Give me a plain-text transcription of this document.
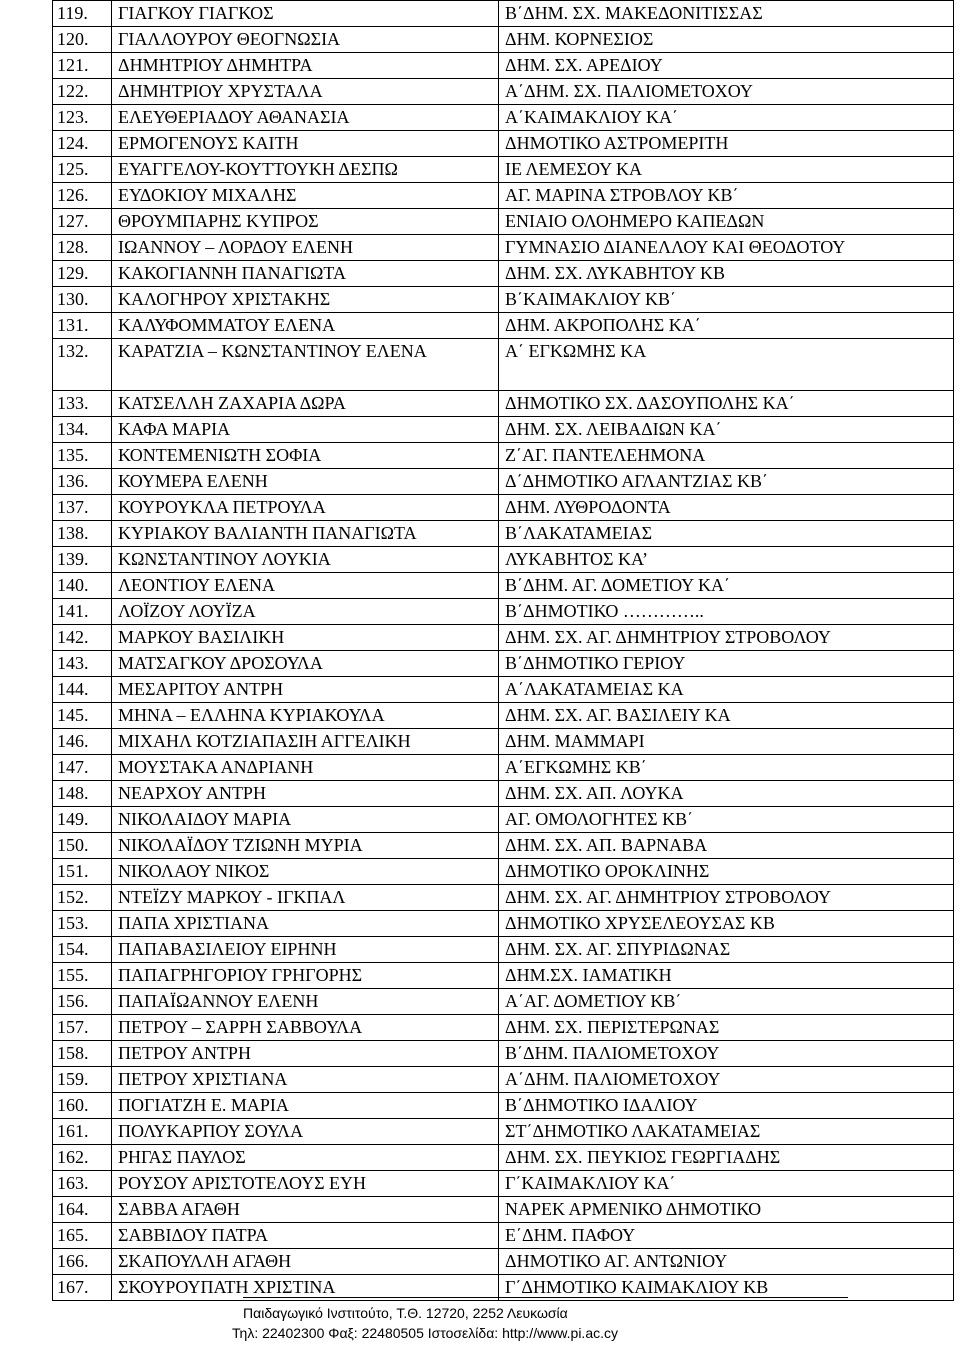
119.	ΓΙΑΓΚΟΥ ΓΙΑΓΚΟΣ	Β΄ΔΗΜ. ΣΧ. ΜΑΚΕΔΟΝΙΤΙΣΣΑΣ
120.	ΓΙΑΛΛΟΥΡΟΥ ΘΕΟΓΝΩΣΙΑ	ΔΗΜ. ΚΟΡΝΕΣΙΟΣ
121.	ΔΗΜΗΤΡΙΟΥ ΔΗΜΗΤΡΑ	ΔΗΜ. ΣΧ. ΑΡΕΔΙΟΥ
122.	ΔΗΜΗΤΡΙΟΥ ΧΡΥΣΤΑΛΑ	Α΄ΔΗΜ. ΣΧ. ΠΑΛΙΟΜΕΤΟΧΟΥ
123.	ΕΛΕΥΘΕΡΙΑΔΟΥ ΑΘΑΝΑΣΙΑ	Α΄ΚΑΙΜΑΚΛΙΟΥ ΚΑ΄
124.	ΕΡΜΟΓΕΝΟΥΣ ΚΑΙΤΗ	ΔΗΜΟΤΙΚΟ ΑΣΤΡΟΜΕΡΙΤΗ
125.	ΕΥΑΓΓΕΛΟΥ-ΚΟΥΤΤΟΥΚΗ ΔΕΣΠΩ	ΙΕ ΛΕΜΕΣΟΥ ΚΑ
126.	ΕΥΔΟΚΙΟΥ ΜΙΧΑΛΗΣ	ΑΓ. ΜΑΡΙΝΑ ΣΤΡΟΒΛΟΥ ΚΒ΄
127.	ΘΡΟΥΜΠΑΡΗΣ ΚΥΠΡΟΣ	ΕΝΙΑΙΟ ΟΛΟΗΜΕΡΟ ΚΑΠΕΔΩΝ
128.	ΙΩΑΝΝΟΥ – ΛΟΡΔΟΥ ΕΛΕΝΗ	ΓΥΜΝΑΣΙΟ ΔΙΑΝΕΛΛΟΥ ΚΑΙ ΘΕΟΔΟΤΟΥ
129.	ΚΑΚΟΓΙΑΝΝΗ ΠΑΝΑΓΙΩΤΑ	ΔΗΜ. ΣΧ. ΛΥΚΑΒΗΤΟΥ ΚΒ
130.	ΚΑΛΟΓΗΡΟΥ ΧΡΙΣΤΑΚΗΣ	Β΄ΚΑΙΜΑΚΛΙΟΥ ΚΒ΄
131.	ΚΑΛΥΦΟΜΜΑΤΟΥ ΕΛΕΝΑ	ΔΗΜ. ΑΚΡΟΠΟΛΗΣ ΚΑ΄
132.	ΚΑΡΑΤΖΙΑ – ΚΩΝΣΤΑΝΤΙΝΟΥ ΕΛΕΝΑ	Α΄ ΕΓΚΩΜΗΣ ΚΑ
133.	ΚΑΤΣΕΛΛΗ ΖΑΧΑΡΙΑ ΔΩΡΑ	ΔΗΜΟΤΙΚΟ ΣΧ. ΔΑΣΟΥΠΟΛΗΣ ΚΑ΄
134.	ΚΑΦΑ ΜΑΡΙΑ	ΔΗΜ. ΣΧ. ΛΕΙΒΑΔΙΩΝ ΚΑ΄
135.	ΚΟΝΤΕΜΕΝΙΩΤΗ ΣΟΦΙΑ	Ζ΄ΑΓ. ΠΑΝΤΕΛΕΗΜΟΝΑ
136.	ΚΟΥΜΕΡΑ ΕΛΕΝΗ	Δ΄ΔΗΜΟΤΙΚΟ ΑΓΛΑΝΤΖΙΑΣ ΚΒ΄
137.	ΚΟΥΡΟΥΚΛΑ ΠΕΤΡΟΥΛΑ	ΔΗΜ. ΛΥΘΡΟΔΟΝΤΑ
138.	ΚΥΡΙΑΚΟΥ ΒΑΛΙΑΝΤΗ ΠΑΝΑΓΙΩΤΑ	Β΄ΛΑΚΑΤΑΜΕΙΑΣ
139.	ΚΩΝΣΤΑΝΤΙΝΟΥ ΛΟΥΚΙΑ	ΛΥΚΑΒΗΤΟΣ ΚΑ’
140.	ΛΕΟΝΤΙΟΥ ΕΛΕΝΑ	Β΄ΔΗΜ. ΑΓ. ΔΟΜΕΤΙΟΥ ΚΑ΄
141.	ΛΟΪΖΟΥ ΛΟΥΪΖΑ	Β΄ΔΗΜΟΤΙΚΟ …………..
142.	ΜΑΡΚΟΥ ΒΑΣΙΛΙΚΗ	ΔΗΜ. ΣΧ. ΑΓ. ΔΗΜΗΤΡΙΟΥ ΣΤΡΟΒΟΛΟΥ
143.	ΜΑΤΣΑΓΚΟΥ ΔΡΟΣΟΥΛΑ	Β΄ΔΗΜΟΤΙΚΟ ΓΕΡΙΟΥ
144.	ΜΕΣΑΡΙΤΟΥ ΑΝΤΡΗ	Α΄ΛΑΚΑΤΑΜΕΙΑΣ ΚΑ
145.	ΜΗΝΑ – ΕΛΛΗΝΑ ΚΥΡΙΑΚΟΥΛΑ	ΔΗΜ. ΣΧ. ΑΓ. ΒΑΣΙΛΕΙΥ ΚΑ
146.	ΜΙΧΑΗΛ ΚΟΤΖΙΑΠΑΣΙΗ ΑΓΓΕΛΙΚΗ	ΔΗΜ. ΜΑΜΜΑΡΙ
147.	ΜΟΥΣΤΑΚΑ ΑΝΔΡΙΑΝΗ	Α΄ΕΓΚΩΜΗΣ ΚΒ΄
148.	ΝΕΑΡΧΟΥ ΑΝΤΡΗ	ΔΗΜ. ΣΧ. ΑΠ. ΛΟΥΚΑ
149.	ΝΙΚΟΛΑΙΔΟΥ ΜΑΡΙΑ	ΑΓ. ΟΜΟΛΟΓΗΤΕΣ ΚΒ΄
150.	ΝΙΚΟΛΑΪΔΟΥ ΤΖΙΩΝΗ ΜΥΡΙΑ	ΔΗΜ. ΣΧ. ΑΠ. ΒΑΡΝΑΒΑ
151.	ΝΙΚΟΛΑΟΥ ΝΙΚΟΣ	ΔΗΜΟΤΙΚΟ ΟΡΟΚΛΙΝΗΣ
152.	ΝΤΕΪΖΥ ΜΑΡΚΟΥ - ΙΓΚΠΑΛ	ΔΗΜ. ΣΧ. ΑΓ. ΔΗΜΗΤΡΙΟΥ ΣΤΡΟΒΟΛΟΥ
153.	ΠΑΠΑ ΧΡΙΣΤΙΑΝΑ	ΔΗΜΟΤΙΚΟ ΧΡΥΣΕΛΕΟΥΣΑΣ ΚΒ
154.	ΠΑΠΑΒΑΣΙΛΕΙΟΥ ΕΙΡΗΝΗ	ΔΗΜ. ΣΧ. ΑΓ. ΣΠΥΡΙΔΩΝΑΣ
155.	ΠΑΠΑΓΡΗΓΟΡΙΟΥ ΓΡΗΓΟΡΗΣ	ΔΗΜ.ΣΧ. ΙΑΜΑΤΙΚΗ
156.	ΠΑΠΑΪΩΑΝΝΟΥ ΕΛΕΝΗ	Α΄ΑΓ. ΔΟΜΕΤΙΟΥ ΚΒ΄
157.	ΠΕΤΡΟΥ – ΣΑΡΡΗ ΣΑΒΒΟΥΛΑ	ΔΗΜ. ΣΧ. ΠΕΡΙΣΤΕΡΩΝΑΣ
158.	ΠΕΤΡΟΥ ΑΝΤΡΗ	Β΄ΔΗΜ. ΠΑΛΙΟΜΕΤΟΧΟΥ
159.	ΠΕΤΡΟΥ ΧΡΙΣΤΙΑΝΑ	Α΄ΔΗΜ. ΠΑΛΙΟΜΕΤΟΧΟΥ
160.	ΠΟΓΙΑΤΖΗ Ε. ΜΑΡΙΑ	Β΄ΔΗΜΟΤΙΚΟ ΙΔΑΛΙΟΥ
161.	ΠΟΛΥΚΑΡΠΟΥ ΣΟΥΛΑ	ΣΤ΄ΔΗΜΟΤΙΚΟ ΛΑΚΑΤΑΜΕΙΑΣ
162.	ΡΗΓΑΣ ΠΑΥΛΟΣ	ΔΗΜ. ΣΧ. ΠΕΥΚΙΟΣ ΓΕΩΡΓΙΑΔΗΣ
163.	ΡΟΥΣΟΥ ΑΡΙΣΤΟΤΕΛΟΥΣ ΕΥΗ	Γ΄ΚΑΙΜΑΚΛΙΟΥ ΚΑ΄
164.	ΣΑΒΒΑ ΑΓΑΘΗ	ΝΑΡΕΚ ΑΡΜΕΝΙΚΟ ΔΗΜΟΤΙΚΟ
165.	ΣΑΒΒΙΔΟΥ ΠΑΤΡΑ	Ε΄ΔΗΜ. ΠΑΦΟΥ
166.	ΣΚΑΠΟΥΛΛΗ ΑΓΑΘΗ	ΔΗΜΟΤΙΚΟ ΑΓ. ΑΝΤΩΝΙΟΥ
167.	ΣΚΟΥΡΟΥΠΑΤΗ ΧΡΙΣΤΙΝΑ	Γ΄ΔΗΜΟΤΙΚΟ ΚΑΙΜΑΚΛΙΟΥ ΚΒ
Παιδαγωγικό Ινστιτούτο, Τ.Θ. 12720, 2252 Λευκωσία
Τηλ: 22402300 Φαξ: 22480505 Ιστοσελίδα: http://www.pi.ac.cy
